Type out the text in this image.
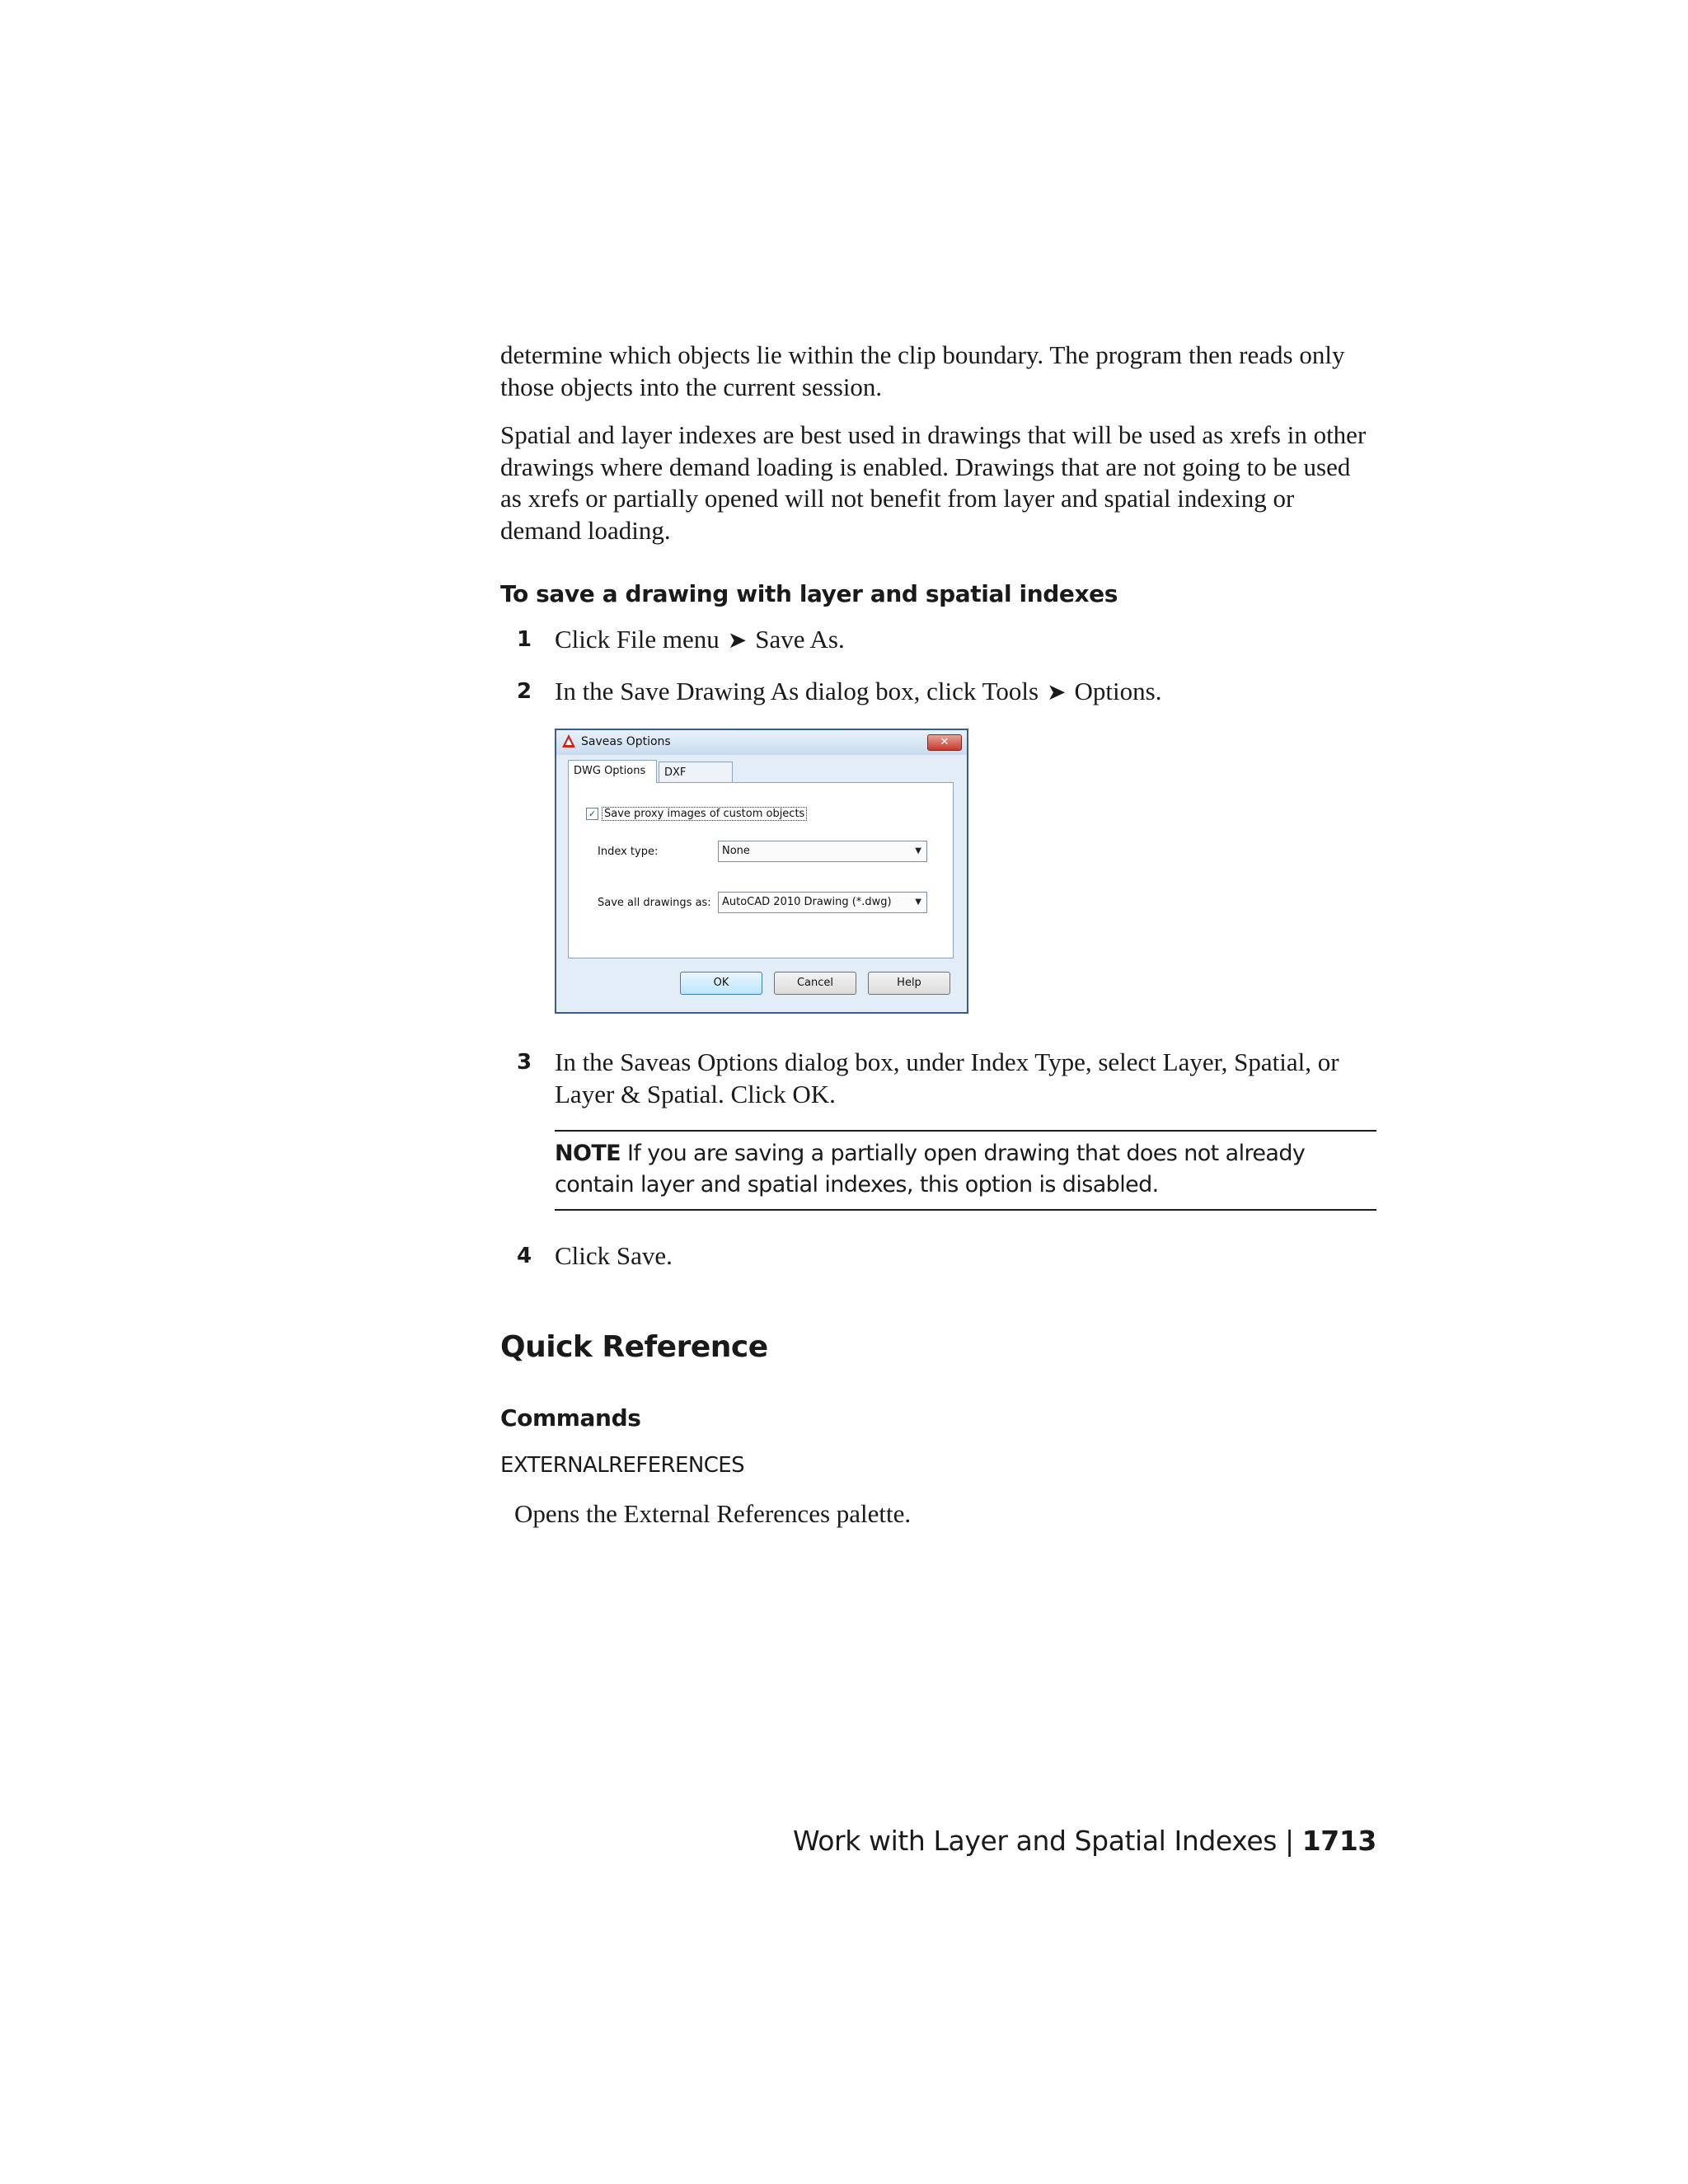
determine which objects lie within the clip boundary. The program then reads only those objects into the current session.

Spatial and layer indexes are best used in drawings that will be used as xrefs in other drawings where demand loading is enabled. Drawings that are not going to be used as xrefs or partially opened will not benefit from layer and spatial indexing or demand loading.

To save a drawing with layer and spatial indexes
1 Click File menu ➤ Save As.
2 In the Save Drawing As dialog box, click Tools ➤ Options.
Saveas Options	✕
DWG Options	DXF
✓ Save proxy images of custom objects
Index type:	None	▼
Save all drawings as:	AutoCAD 2010 Drawing (*.dwg)	▼
OK	Cancel	Help
3 In the Saveas Options dialog box, under Index Type, select Layer, Spatial, or Layer & Spatial. Click OK.

NOTE If you are saving a partially open drawing that does not already contain layer and spatial indexes, this option is disabled.

4 Click Save.
Quick Reference
Commands
EXTERNALREFERENCES
Opens the External References palette.
Work with Layer and Spatial Indexes | 1713
